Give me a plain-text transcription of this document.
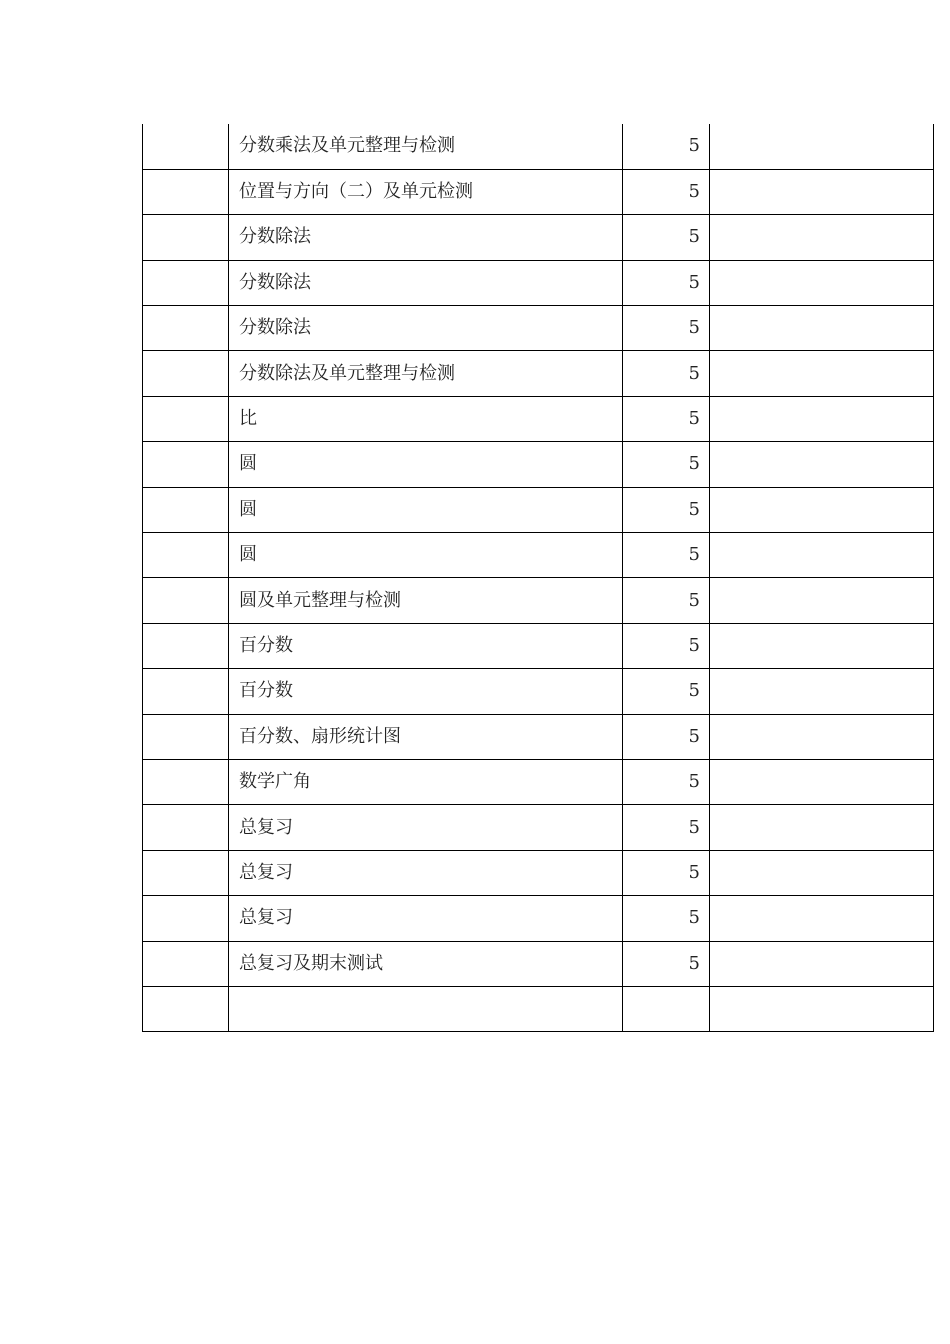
	分数乘法及单元整理与检测	5	
	位置与方向（二）及单元检测	5	
	分数除法	5	
	分数除法	5	
	分数除法	5	
	分数除法及单元整理与检测	5	
	比	5	
	圆	5	
	圆	5	
	圆	5	
	圆及单元整理与检测	5	
	百分数	5	
	百分数	5	
	百分数、扇形统计图	5	
	数学广角	5	
	总复习	5	
	总复习	5	
	总复习	5	
	总复习及期末测试	5	
